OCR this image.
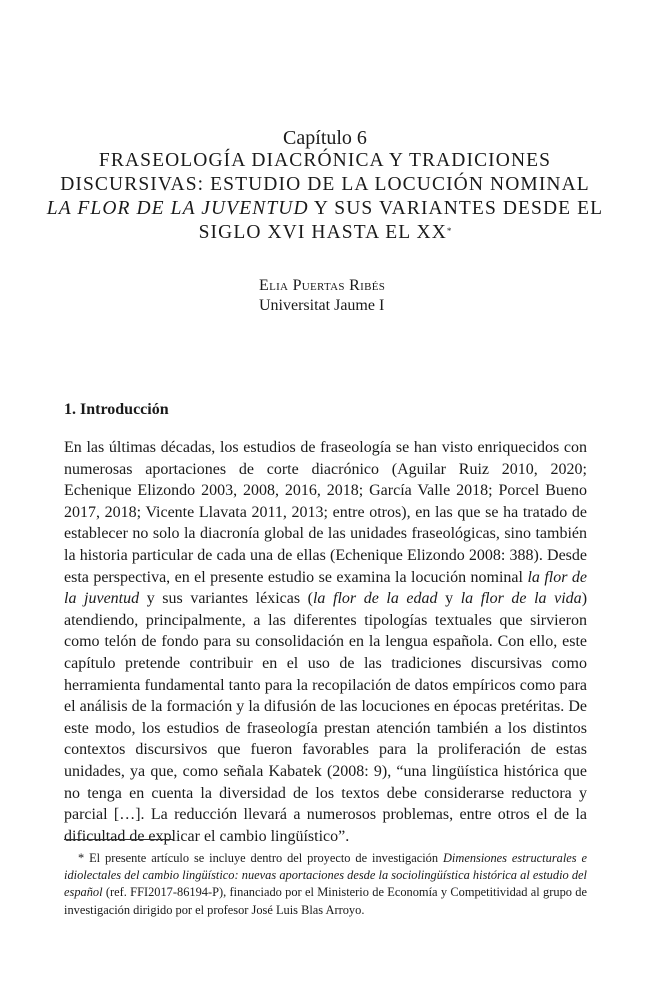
Capítulo 6
FRASEOLOGÍA DIACRÓNICA Y TRADICIONES
DISCURSIVAS: ESTUDIO DE LA LOCUCIÓN NOMINAL
LA FLOR DE LA JUVENTUD Y SUS VARIANTES DESDE EL
SIGLO XVI HASTA EL XX*
Elia Puertas Ribés
Universitat Jaume I
1. Introducción

En las últimas décadas, los estudios de fraseología se han visto enriquecidos con numerosas aportaciones de corte diacrónico (Aguilar Ruiz 2010, 2020; Echenique Elizondo 2003, 2008, 2016, 2018; García Valle 2018; Porcel Bueno 2017, 2018; Vicente Llavata 2011, 2013; entre otros), en las que se ha tratado de establecer no solo la diacronía global de las unidades fraseológicas, sino también la historia particular de cada una de ellas (Echenique Elizondo 2008: 388). Desde esta perspectiva, en el presente estudio se examina la locución nominal la flor de la juventud y sus variantes léxicas (la flor de la edad y la flor de la vida) atendiendo, principalmente, a las diferentes tipologías textuales que sirvieron como telón de fondo para su consolidación en la lengua española. Con ello, este capítulo pretende contribuir en el uso de las tradiciones discursivas como herramienta fundamental tanto para la recopilación de datos empíricos como para el análisis de la formación y la difusión de las locuciones en épocas pretéritas. De este modo, los estudios de fraseología prestan atención también a los distintos contextos discursivos que fueron favorables para la proliferación de estas unidades, ya que, como señala Kabatek (2008: 9), “una lingüística histórica que no tenga en cuenta la diversidad de los textos debe considerarse reductora y parcial […]. La reducción llevará a numerosos problemas, entre otros el de la dificultad de explicar el cambio lingüístico”.

* El presente artículo se incluye dentro del proyecto de investigación Dimensiones estructurales e idiolectales del cambio lingüístico: nuevas aportaciones desde la sociolingüística histórica al estudio del español (ref. FFI2017-86194-P), financiado por el Ministerio de Economía y Competitividad al grupo de investigación dirigido por el profesor José Luis Blas Arroyo.
